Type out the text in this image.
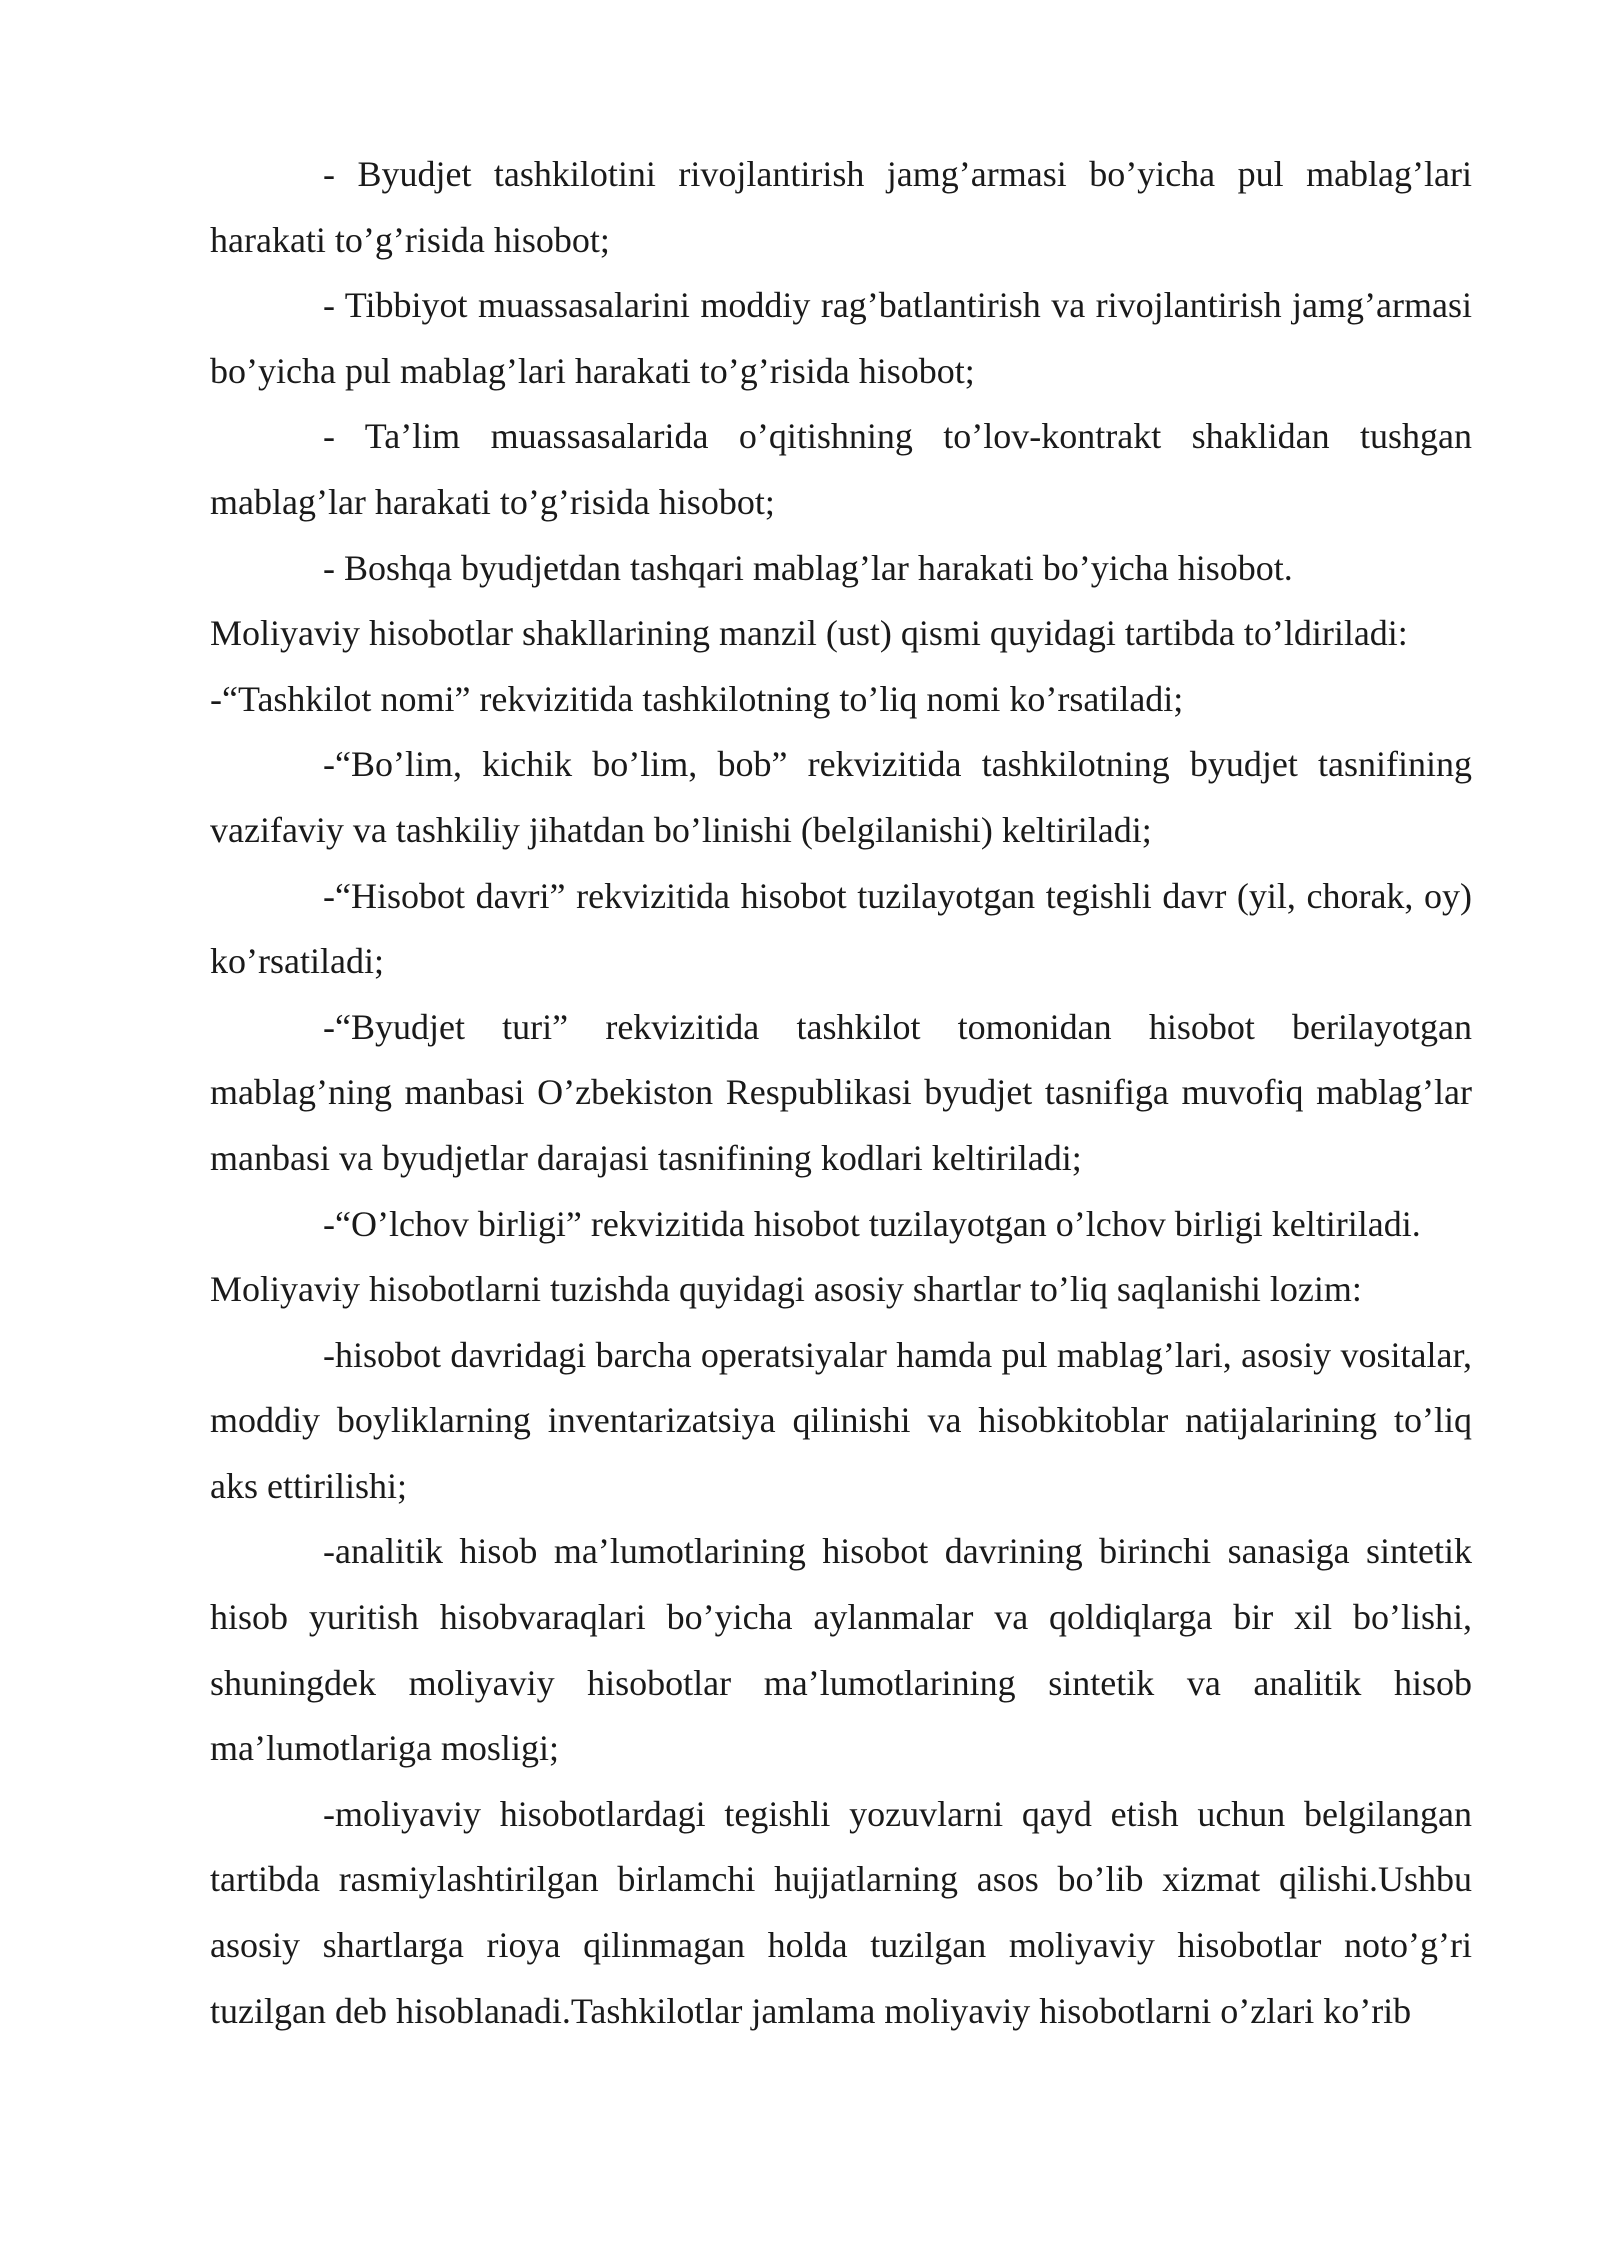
- Byudjet tashkilotini rivojlantirish jamg’armasi bo’yicha pul mablag’lari harakati to’g’risida hisobot;

- Tibbiyot muassasalarini moddiy rag’batlantirish va rivojlantirish jamg’armasi bo’yicha pul mablag’lari harakati to’g’risida hisobot;

- Ta’lim muassasalarida o’qitishning to’lov-kontrakt shaklidan tushgan mablag’lar harakati to’g’risida hisobot;

- Boshqa byudjetdan tashqari mablag’lar harakati bo’yicha hisobot.

Moliyaviy hisobotlar shakllarining manzil (ust) qismi quyidagi tartibda to’ldiriladi:

-“Tashkilot nomi” rekvizitida tashkilotning to’liq nomi ko’rsatiladi;

-“Bo’lim, kichik bo’lim, bob” rekvizitida tashkilotning byudjet tasnifining vazifaviy va tashkiliy jihatdan bo’linishi (belgilanishi) keltiriladi;

-“Hisobot davri” rekvizitida hisobot tuzilayotgan tegishli davr (yil, chorak, oy) ko’rsatiladi;

-“Byudjet turi” rekvizitida tashkilot tomonidan hisobot berilayotgan mablag’ning manbasi O’zbekiston Respublikasi byudjet tasnifiga muvofiq mablag’lar manbasi va byudjetlar darajasi tasnifining kodlari keltiriladi;

-“O’lchov birligi” rekvizitida hisobot tuzilayotgan o’lchov birligi keltiriladi.

Moliyaviy hisobotlarni tuzishda quyidagi asosiy shartlar to’liq saqlanishi lozim:

-hisobot davridagi barcha operatsiyalar hamda pul mablag’lari, asosiy vositalar, moddiy boyliklarning inventarizatsiya qilinishi va hisobkitoblar natijalarining to’liq aks ettirilishi;

-analitik hisob ma’lumotlarining hisobot davrining birinchi sanasiga sintetik hisob yuritish hisobvaraqlari bo’yicha aylanmalar va qoldiqlarga bir xil bo’lishi, shuningdek moliyaviy hisobotlar ma’lumotlarining sintetik va analitik hisob ma’lumotlariga mosligi;

-moliyaviy hisobotlardagi tegishli yozuvlarni qayd etish uchun belgilangan tartibda rasmiylashtirilgan birlamchi hujjatlarning asos bo’lib xizmat qilishi.Ushbu asosiy shartlarga rioya qilinmagan holda tuzilgan moliyaviy hisobotlar noto’g’ri tuzilgan deb hisoblanadi.Tashkilotlar jamlama moliyaviy hisobotlarni o’zlari ko’rib
